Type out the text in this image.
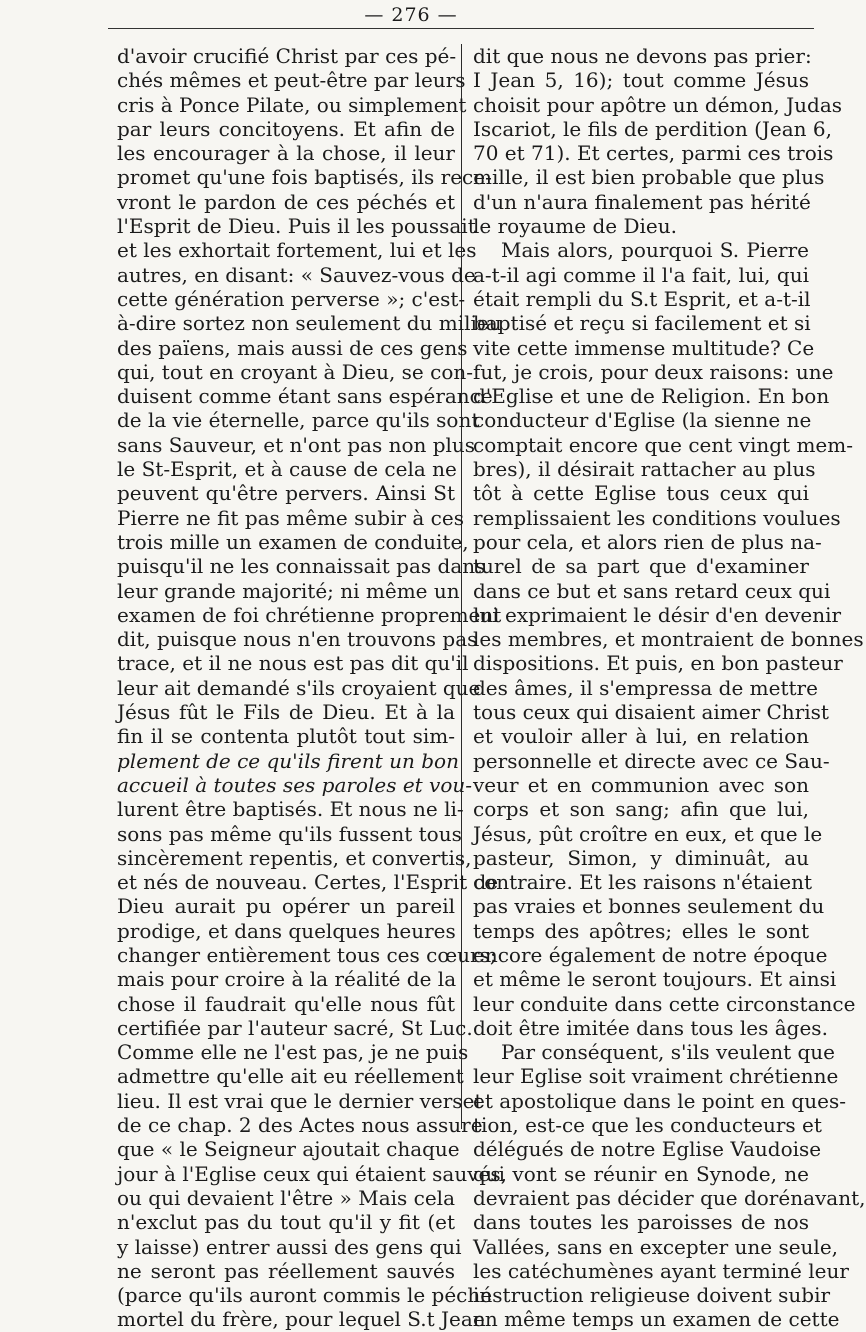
— 276 —
d'avoir crucifié Christ par ces pé-
chés mêmes et peut-être par leurs
cris à Ponce Pilate, ou simplement
par leurs concitoyens. Et afin de
les encourager à la chose, il leur
promet qu'une fois baptisés, ils rece-
vront le pardon de ces péchés et
l'Esprit de Dieu. Puis il les poussait
et les exhortait fortement, lui et les
autres, en disant: « Sauvez-vous de
cette génération perverse »; c'est-
à-dire sortez non seulement du milieu
des païens, mais aussi de ces gens
qui, tout en croyant à Dieu, se con-
duisent comme étant sans espérance
de la vie éternelle, parce qu'ils sont
sans Sauveur, et n'ont pas non plus
le St-Esprit, et à cause de cela ne
peuvent qu'être pervers. Ainsi St
Pierre ne fit pas même subir à ces
trois mille un examen de conduite,
puisqu'il ne les connaissait pas dans
leur grande majorité; ni même un
examen de foi chrétienne proprement
dit, puisque nous n'en trouvons pas
trace, et il ne nous est pas dit qu'il
leur ait demandé s'ils croyaient que
Jésus fût le Fils de Dieu. Et à la
fin il se contenta plutôt tout sim-
plement de ce qu'ils firent un bon
accueil à toutes ses paroles et vou-
lurent être baptisés. Et nous ne li-
sons pas même qu'ils fussent tous
sincèrement repentis, et convertis,
et nés de nouveau. Certes, l'Esprit de
Dieu aurait pu opérer un pareil
prodige, et dans quelques heures
changer entièrement tous ces cœurs;
mais pour croire à la réalité de la
chose il faudrait qu'elle nous fût
certifiée par l'auteur sacré, St Luc.
Comme elle ne l'est pas, je ne puis
admettre qu'elle ait eu réellement
lieu. Il est vrai que le dernier verset
de ce chap. 2 des Actes nous assure
que « le Seigneur ajoutait chaque
jour à l'Eglise ceux qui étaient sauvés,
ou qui devaient l'être » Mais cela
n'exclut pas du tout qu'il y fit (et
y laisse) entrer aussi des gens qui
ne seront pas réellement sauvés
(parce qu'ils auront commis le péché
mortel du frère, pour lequel S.t Jean
dit que nous ne devons pas prier:
I Jean 5, 16); tout comme Jésus
choisit pour apôtre un démon, Judas
Iscariot, le fils de perdition (Jean 6,
70 et 71). Et certes, parmi ces trois
mille, il est bien probable que plus
d'un n'aura finalement pas hérité
le royaume de Dieu.
Mais alors, pourquoi S. Pierre
a-t-il agi comme il l'a fait, lui, qui
était rempli du S.t Esprit, et a-t-il
baptisé et reçu si facilement et si
vite cette immense multitude? Ce
fut, je crois, pour deux raisons: une
d'Eglise et une de Religion. En bon
conducteur d'Eglise (la sienne ne
comptait encore que cent vingt mem-
bres), il désirait rattacher au plus
tôt à cette Eglise tous ceux qui
remplissaient les conditions voulues
pour cela, et alors rien de plus na-
turel de sa part que d'examiner
dans ce but et sans retard ceux qui
lui exprimaient le désir d'en devenir
les membres, et montraient de bonnes
dispositions. Et puis, en bon pasteur
des âmes, il s'empressa de mettre
tous ceux qui disaient aimer Christ
et vouloir aller à lui, en relation
personnelle et directe avec ce Sau-
veur et en communion avec son
corps et son sang; afin que lui,
Jésus, pût croître en eux, et que le
pasteur, Simon, y diminuât, au
contraire. Et les raisons n'étaient
pas vraies et bonnes seulement du
temps des apôtres; elles le sont
encore également de notre époque
et même le seront toujours. Et ainsi
leur conduite dans cette circonstance
doit être imitée dans tous les âges.
Par conséquent, s'ils veulent que
leur Eglise soit vraiment chrétienne
et apostolique dans le point en ques-
tion, est-ce que les conducteurs et
délégués de notre Eglise Vaudoise
qui vont se réunir en Synode, ne
devraient pas décider que dorénavant,
dans toutes les paroisses de nos
Vallées, sans en excepter une seule,
les catéchumènes ayant terminé leur
instruction religieuse doivent subir
en même temps un examen de cette
